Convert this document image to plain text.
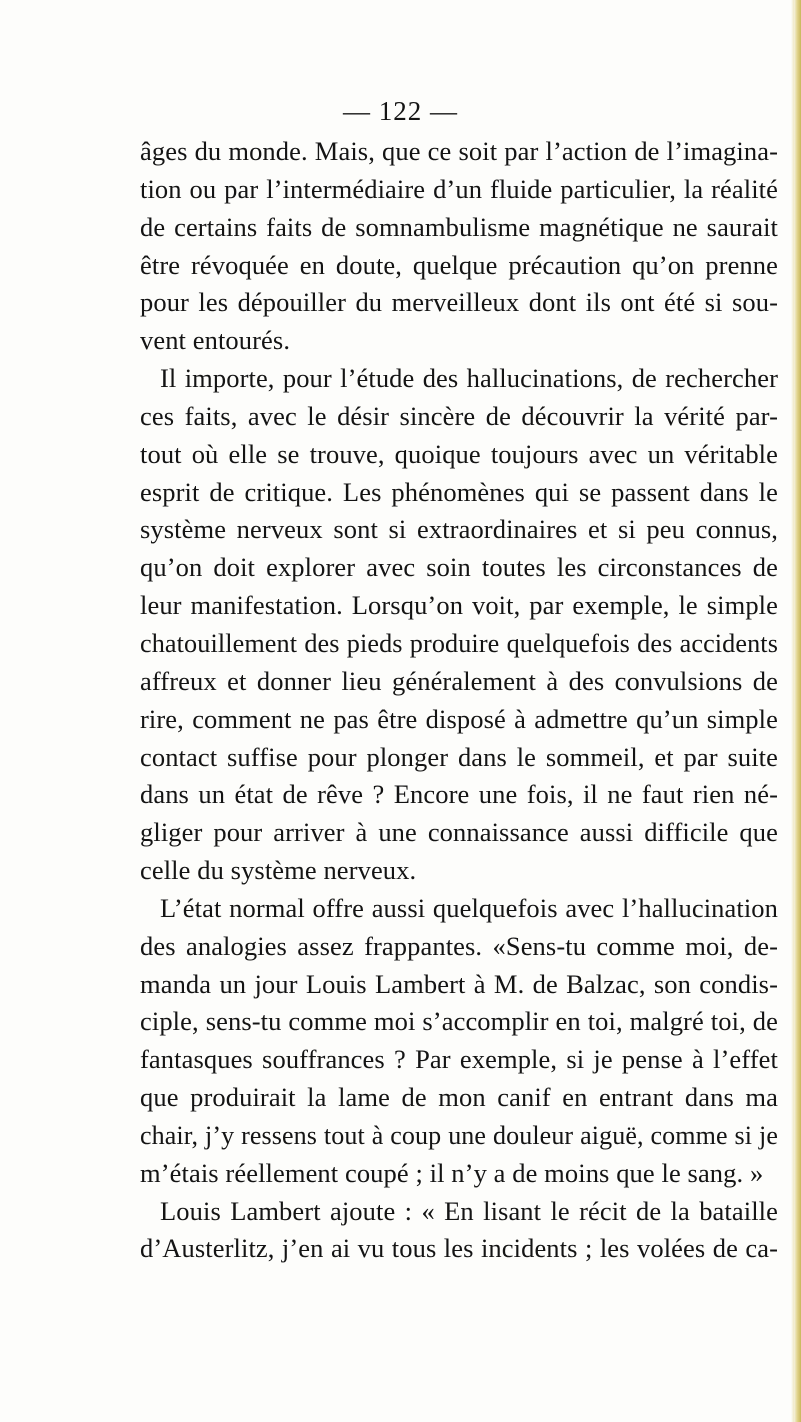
— 122 —
âges du monde. Mais, que ce soit par l’action de l’imagina-
tion ou par l’intermédiaire d’un fluide particulier, la réalité
de certains faits de somnambulisme magnétique ne saurait
être révoquée en doute, quelque précaution qu’on prenne
pour les dépouiller du merveilleux dont ils ont été si sou-
vent entourés.
Il importe, pour l’étude des hallucinations, de rechercher
ces faits, avec le désir sincère de découvrir la vérité par-
tout où elle se trouve, quoique toujours avec un véritable
esprit de critique. Les phénomènes qui se passent dans le
système nerveux sont si extraordinaires et si peu connus,
qu’on doit explorer avec soin toutes les circonstances de
leur manifestation. Lorsqu’on voit, par exemple, le simple
chatouillement des pieds produire quelquefois des accidents
affreux et donner lieu généralement à des convulsions de
rire, comment ne pas être disposé à admettre qu’un simple
contact suffise pour plonger dans le sommeil, et par suite
dans un état de rêve ? Encore une fois, il ne faut rien né-
gliger pour arriver à une connaissance aussi difficile que
celle du système nerveux.
L’état normal offre aussi quelquefois avec l’hallucination
des analogies assez frappantes. «Sens-tu comme moi, de-
manda un jour Louis Lambert à M. de Balzac, son condis-
ciple, sens-tu comme moi s’accomplir en toi, malgré toi, de
fantasques souffrances ? Par exemple, si je pense à l’effet
que produirait la lame de mon canif en entrant dans ma
chair, j’y ressens tout à coup une douleur aiguë, comme si je
m’étais réellement coupé ; il n’y a de moins que le sang. »
Louis Lambert ajoute : « En lisant le récit de la bataille
d’Austerlitz, j’en ai vu tous les incidents ; les volées de ca-
